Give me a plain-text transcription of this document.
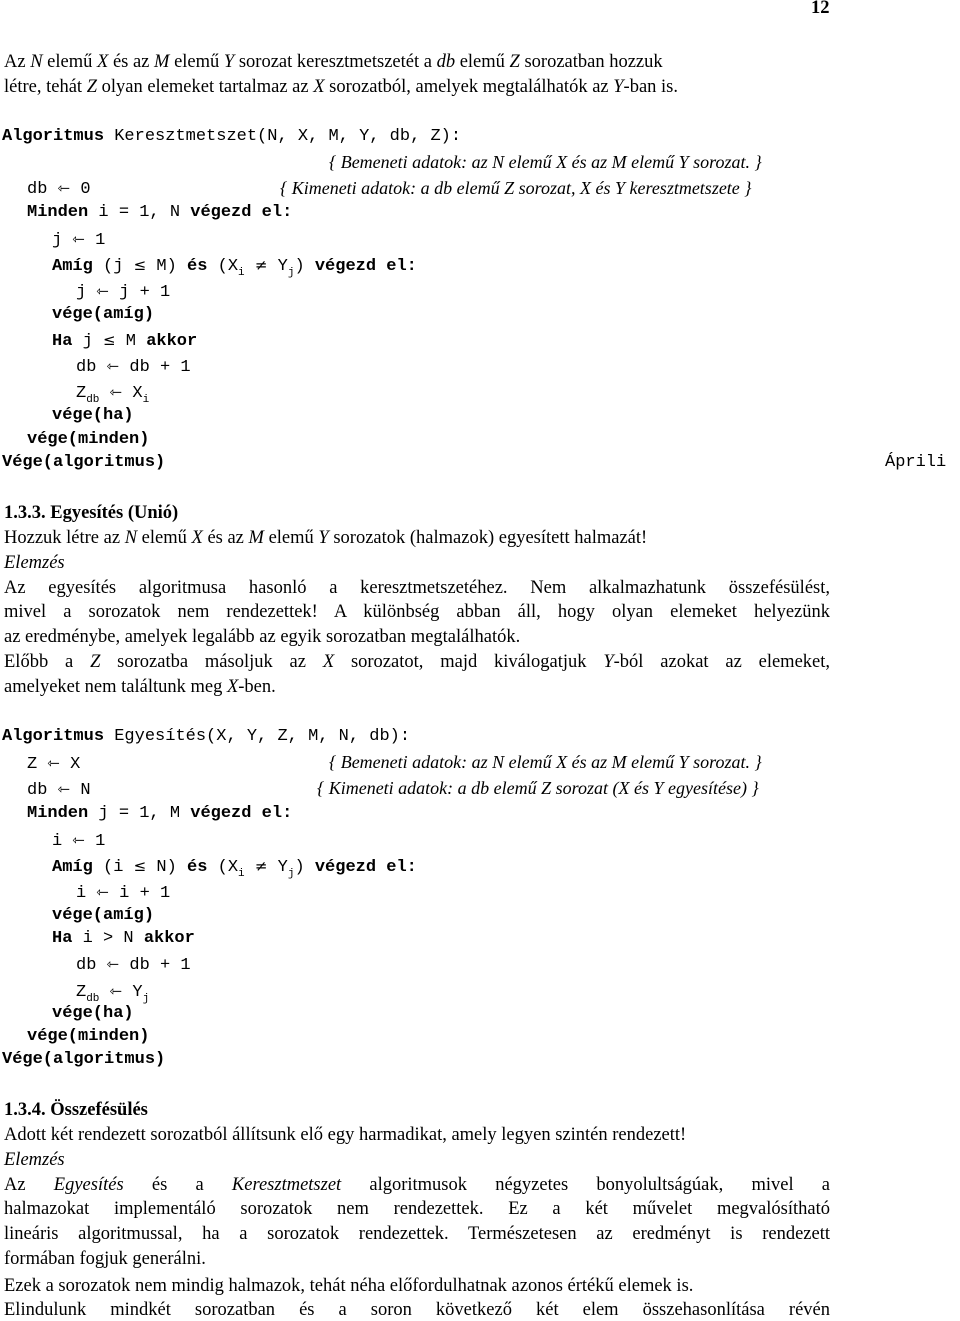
12
Az N elemű X és az M elemű Y sorozat keresztmetszetét a db elemű Z sorozatban hozzuk
létre, tehát Z olyan elemeket tartalmaz az X sorozatból, amelyek megtalálhatók az Y-ban is.
Algoritmus Keresztmetszet(N, X, M, Y, db, Z):
{ Bemeneti adatok: az N elemű X és az M elemű Y sorozat. }
db ⇽ 0	{ Kimeneti adatok: a db elemű Z sorozat, X és Y keresztmetszete }
Minden i = 1, N végezd el:
j ⇽ 1
Amíg (j ≤ M) és $(X_i \ne Y_j)$ végezd el:
j ⇽ j + 1
vége(amíg)
Ha j ≤ M akkor
db ⇽ db + 1
$Z_{db}$ ⇽ $X_i$
vége(ha)
vége(minden)
Vége(algoritmus)	Áprili
1.3.3. Egyesítés (Unió)
Hozzuk létre az N elemű X és az M elemű Y sorozatok (halmazok) egyesített halmazát!
Elemzés
Az egyesítés algoritmusa hasonló a keresztmetszetéhez. Nem alkalmazhatunk összefésülést,
mivel a sorozatok nem rendezettek! A különbség abban áll, hogy olyan elemeket helyezünk
az eredménybe, amelyek legalább az egyik sorozatban megtalálhatók.
Előbb a Z sorozatba másoljuk az X sorozatot, majd kiválogatjuk Y-ból azokat az elemeket,
amelyeket nem találtunk meg X-ben.
Algoritmus Egyesítés(X, Y, Z, M, N, db):
Z ⇽ X	{ Bemeneti adatok: az N elemű X és az M elemű Y sorozat. }
db ⇽ N	{ Kimeneti adatok: a db elemű Z sorozat (X és Y egyesítése) }
Minden j = 1, M végezd el:
i ⇽ 1
Amíg (i ≤ N) és $(X_i \ne Y_j)$ végezd el:
i ⇽ i + 1
vége(amíg)
Ha i > N akkor
db ⇽ db + 1
$Z_{db}$ ⇽ $Y_j$
vége(ha)
vége(minden)
Vége(algoritmus)
1.3.4. Összefésülés
Adott két rendezett sorozatból állítsunk elő egy harmadikat, amely legyen szintén rendezett!
Elemzés
Az Egyesítés és a Keresztmetszet algoritmusok négyzetes bonyolultságúak, mivel a
halmazokat implementáló sorozatok nem rendezettek. Ez a két művelet megvalósítható
lineáris algoritmussal, ha a sorozatok rendezettek. Természetesen az eredményt is rendezett
formában fogjuk generálni.
Ezek a sorozatok nem mindig halmazok, tehát néha előfordulhatnak azonos értékű elemek is.
Elindulunk mindkét sorozatban és a soron következő két elem összehasonlítása révén
